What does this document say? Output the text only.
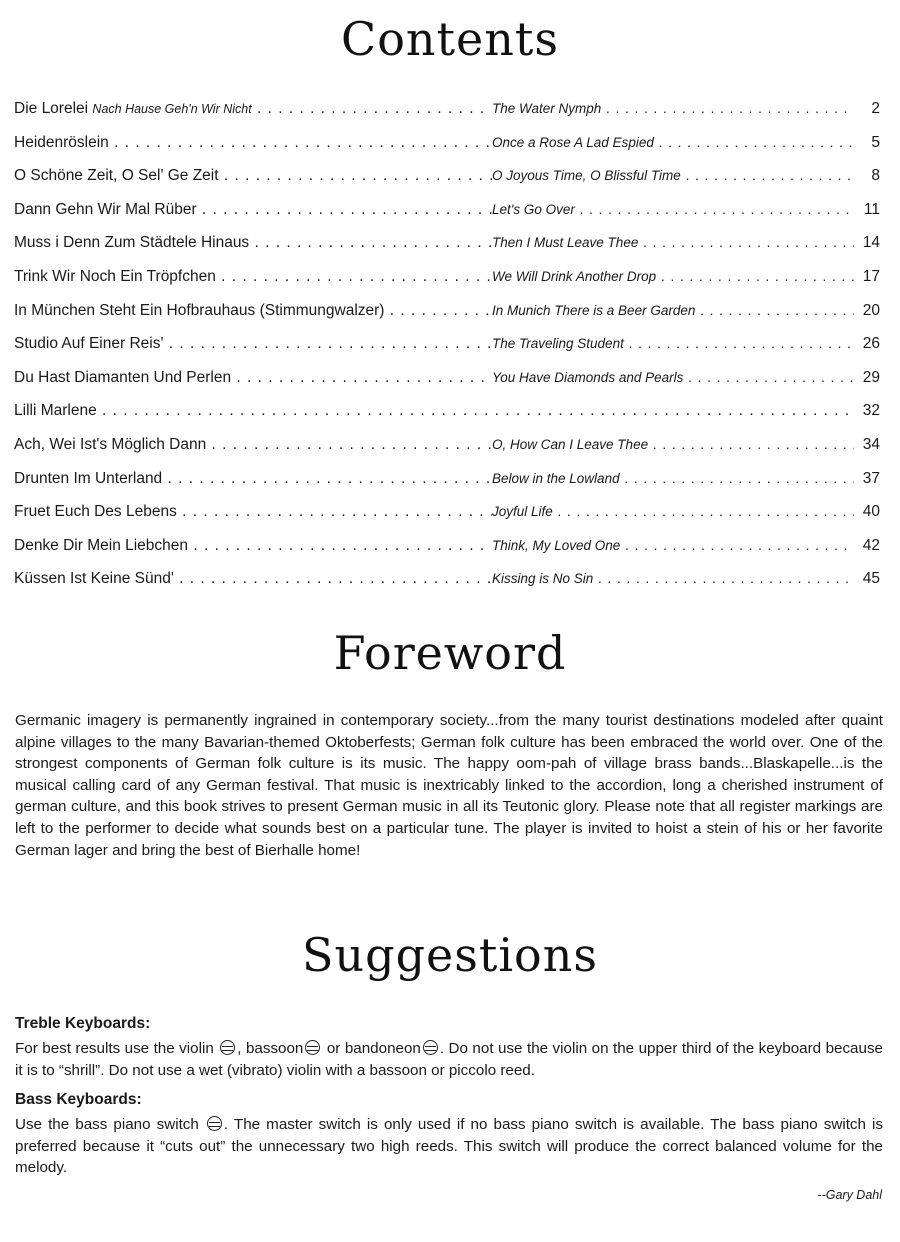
Contents
Die Lorelei Nach Hause Geh'n Wir Nicht . . .	The Water Nymph . . .	2
Heidenröslein . . .	Once a Rose A Lad Espied . . .	5
O Schöne Zeit, O Sel' Ge Zeit . . .	O Joyous Time, O Blissful Time . . .	8
Dann Gehn Wir Mal Rüber . . .	Let's Go Over . . .	11
Muss i Denn Zum Städtele Hinaus . . .	Then I Must Leave Thee . . .	14
Trink Wir Noch Ein Tröpfchen . . .	We Will Drink Another Drop . . .	17
In München Steht Ein Hofbrauhaus (Stimmungwalzer) . . .	In Munich There is a Beer Garden . . .	20
Studio Auf Einer Reis' . . .	The Traveling Student . . .	26
Du Hast Diamanten Und Perlen . . .	You Have Diamonds and Pearls . . .	29
Lilli Marlene . . .	32
Ach, Wei Ist's Möglich Dann . . .	O, How Can I Leave Thee . . .	34
Drunten Im Unterland . . .	Below in the Lowland . . .	37
Fruet Euch Des Lebens . . .	Joyful Life . . .	40
Denke Dir Mein Liebchen . . .	Think, My Loved One . . .	42
Küssen Ist Keine Sünd' . . .	Kissing is No Sin . . .	45
Foreword
Germanic imagery is permanently ingrained in contemporary society...from the many tourist destinations modeled after quaint alpine villages to the many Bavarian-themed Oktoberfests; German folk culture has been embraced the world over. One of the strongest components of German folk culture is its music. The happy oom-pah of village brass bands...Blaskapelle...is the musical calling card of any German festival. That music is inextricably linked to the accordion, long a cherished instrument of german culture, and this book strives to present German music in all its Teutonic glory. Please note that all register markings are left to the performer to decide what sounds best on a particular tune. The player is invited to hoist a stein of his or her favorite German lager and bring the best of Bierhalle home!
Suggestions
Treble Keyboards:
For best results use the violin , bassoon or bandoneon . Do not use the violin on the upper third of the keyboard because it is to “shrill”. Do not use a wet (vibrato) violin with a bassoon or piccolo reed.
Bass Keyboards:
Use the bass piano switch . The master switch is only used if no bass piano switch is available. The bass piano switch is preferred because it “cuts out” the unnecessary two high reeds. This switch will produce the correct balanced volume for the melody.
--Gary Dahl
